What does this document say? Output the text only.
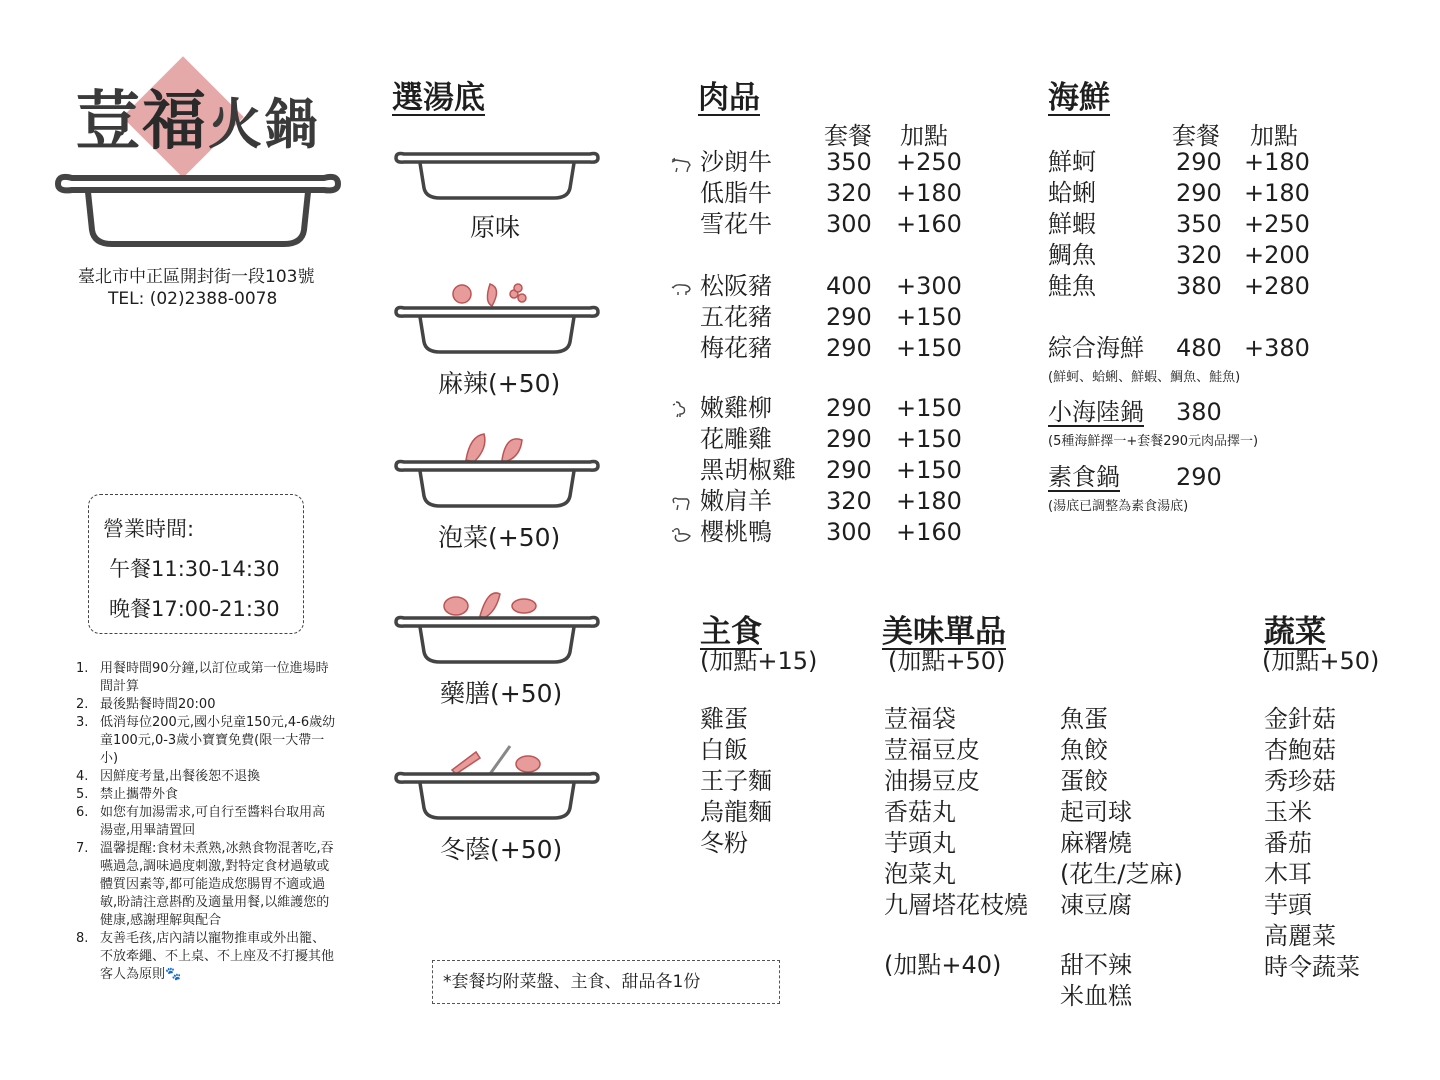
荳福火鍋
臺北市中正區開封街一段103號
TEL: (02)2388-0078
選湯底
原味
麻辣(+50)
泡菜(+50)
藥膳(+50)
冬蔭(+50)
營業時間:
午餐11:30-14:30
晚餐17:00-21:30
1. 用餐時間90分鐘,以訂位或第一位進場時間計算
2. 最後點餐時間20:00
3. 低消每位200元,國小兒童150元,4-6歲幼童100元,0-3歲小寶寶免費(限一大帶一小)
4. 因鮮度考量,出餐後恕不退換
5. 禁止攜帶外食
6. 如您有加湯需求,可自行至醬料台取用高湯壺,用畢請置回
7. 溫馨提醒:食材未煮熟,冰熱食物混著吃,吞嚥過急,調味過度刺激,對特定食材過敏或體質因素等,都可能造成您腸胃不適或過敏,盼請注意斟酌及適量用餐,以維護您的健康,感謝理解與配合
8. 友善毛孩,店內請以寵物推車或外出籠、不放牽繩、不上桌、不上座及不打擾其他客人為原則🐾
肉品
套餐 加點
沙朗牛 350 +250
低脂牛 320 +180
雪花牛 300 +160
松阪豬 400 +300
五花豬 290 +150
梅花豬 290 +150
嫩雞柳 290 +150
花雕雞 290 +150
黑胡椒雞 290 +150
嫩肩羊 320 +180
櫻桃鴨 300 +160
海鮮
套餐 加點
鮮蚵	290 +180
蛤蜊	290 +180
鮮蝦	350 +250
鯛魚	320 +200
鮭魚	380 +280
綜合海鮮 480 +380
(鮮蚵、蛤蜊、鮮蝦、鯛魚、鮭魚)
小海陸鍋 380
(5種海鮮擇一+套餐290元肉品擇一)
素食鍋 290
(湯底已調整為素食湯底)
主食
(加點+15)
雞蛋
白飯
王子麵
烏龍麵
冬粉
美味單品
(加點+50)
荳福袋
荳福豆皮
油揚豆皮
香菇丸
芋頭丸
泡菜丸
九層塔花枝燒
魚蛋
魚餃
蛋餃
起司球
麻糬燒
(花生/芝麻)
凍豆腐
(加點+40) 甜不辣
米血糕
蔬菜
(加點+50)
金針菇
杏鮑菇
秀珍菇
玉米
番茄
木耳
芋頭
高麗菜
時令蔬菜
*套餐均附菜盤、主食、甜品各1份
